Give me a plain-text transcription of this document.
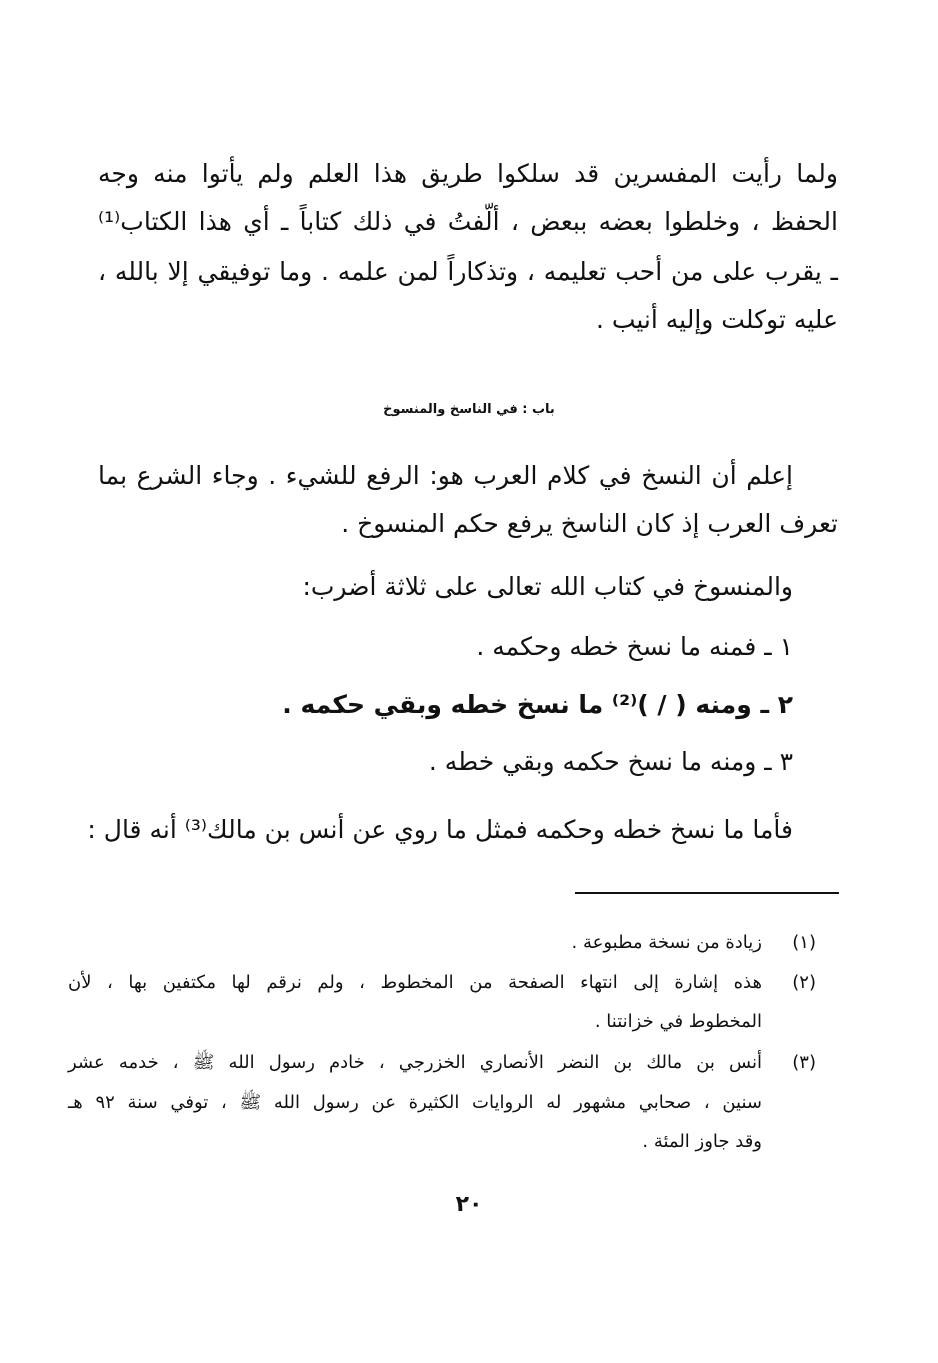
ولما رأيت المفسرين قد سلكوا طريق هذا العلم ولم يأتوا منه وجه

الحفظ ، وخلطوا بعضه ببعض ، ألّفتُ في ذلك كتاباً ـ أي هذا الكتاب⁽¹⁾

ـ يقرب على من أحب تعليمه ، وتذكاراً لمن علمه . وما توفيقي إلا بالله ،

عليه توكلت وإليه أنيب .

باب : في الناسخ والمنسوخ

إعلم أن النسخ في كلام العرب هو: الرفع للشيء . وجاء الشرع بما

تعرف العرب إذ كان الناسخ يرفع حكم المنسوخ .

والمنسوخ في كتاب الله تعالى على ثلاثة أضرب:

١ ـ فمنه ما نسخ خطه وحكمه .

٢ ـ ومنه ( / )⁽²⁾ ما نسخ خطه وبقي حكمه .

٣ ـ ومنه ما نسخ حكمه وبقي خطه .

فأما ما نسخ خطه وحكمه فمثل ما روي عن أنس بن مالك⁽³⁾ أنه قال :

(١)
زيادة من نسخة مطبوعة .
(٢)
هذه إشارة إلى انتهاء الصفحة من المخطوط ، ولم نرقم لها مكتفين بها ، لأن
المخطوط في خزانتنا .
(٣)
أنس بن مالك بن النضر الأنصاري الخزرجي ، خادم رسول الله ﷺ ، خدمه عشر
سنين ، صحابي مشهور له الروايات الكثيرة عن رسول الله ﷺ ، توفي سنة ٩٢ هـ
وقد جاوز المئة .
٢٠
